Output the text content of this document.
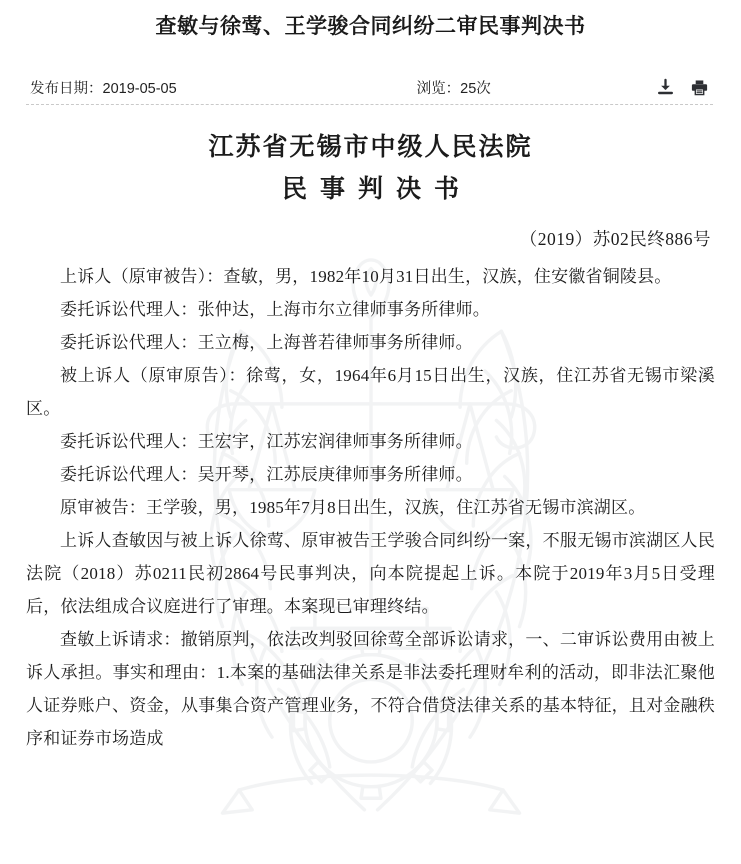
查敏与徐莺、王学骏合同纠纷二审民事判决书
发布日期：2019-05-05	浏览：25次
江苏省无锡市中级人民法院
民事判决书
（2019）苏02民终886号

上诉人（原审被告）：查敏，男，1982年10月31日出生，汉族，住安徽省铜陵县。

委托诉讼代理人：张仲达，上海市尔立律师事务所律师。

委托诉讼代理人：王立梅，上海普若律师事务所律师。

被上诉人（原审原告）：徐莺，女，1964年6月15日出生，汉族，住江苏省无锡市梁溪区。

委托诉讼代理人：王宏宇，江苏宏润律师事务所律师。

委托诉讼代理人：吴开琴，江苏辰庚律师事务所律师。

原审被告：王学骏，男，1985年7月8日出生，汉族，住江苏省无锡市滨湖区。

上诉人查敏因与被上诉人徐莺、原审被告王学骏合同纠纷一案，不服无锡市滨湖区人民法院（2018）苏0211民初2864号民事判决，向本院提起上诉。本院于2019年3月5日受理后，依法组成合议庭进行了审理。本案现已审理终结。

查敏上诉请求：撤销原判，依法改判驳回徐莺全部诉讼请求，一、二审诉讼费用由被上诉人承担。事实和理由：1.本案的基础法律关系是非法委托理财牟利的活动，即非法汇聚他人证券账户、资金，从事集合资产管理业务，不符合借贷法律关系的基本特征，且对金融秩序和证券市场造成
